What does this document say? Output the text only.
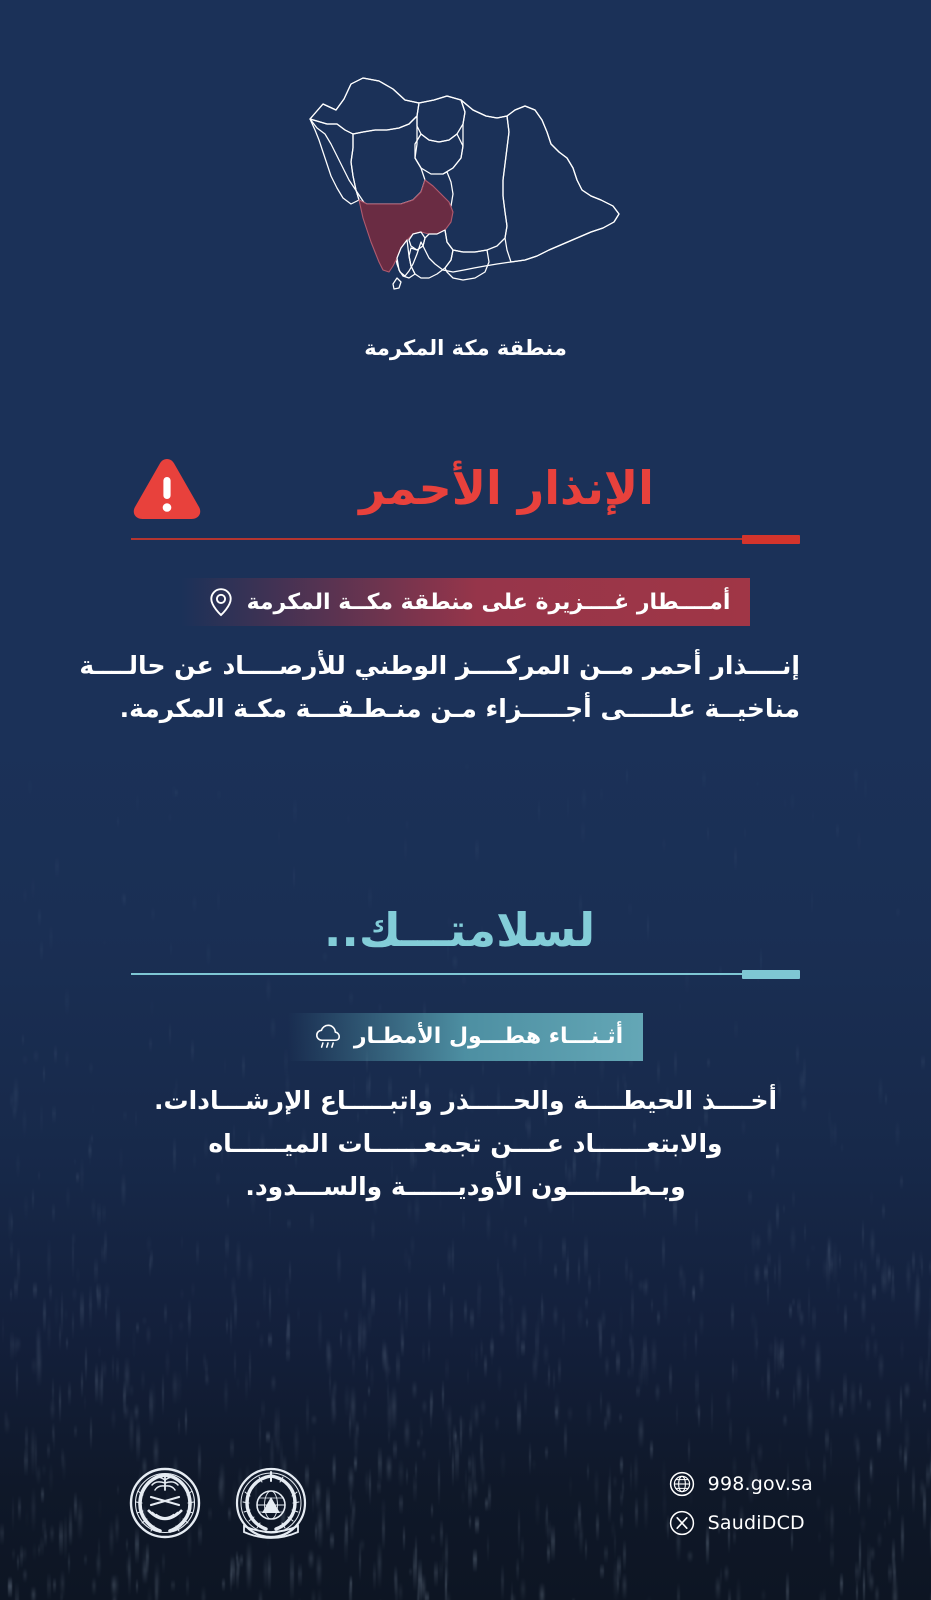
منطقة مكة المكرمة
الإنذار الأحمر
أمــــطار غــــزيرة على منطقة مكــة المكرمة
إنــــذار أحمر مــن المركــــز الوطني للأرصــــاد عن حالــــة
مناخيــة علـــــى أجـــــزاء مـن منـطـقـــة مكـة المكرمة.
لسلامتـــك..
أثـنـــاء هطـــول الأمطـار
أخــــذ الحيطــــة والحـــــذر واتبـــــاع الإرشـــادات.
والابتعــــــاد عــــن تجمعــــــات الميــــــاه
وبـطـــــــون الأوديــــــة والســـدود.
998.gov.sa
SaudiDCD
